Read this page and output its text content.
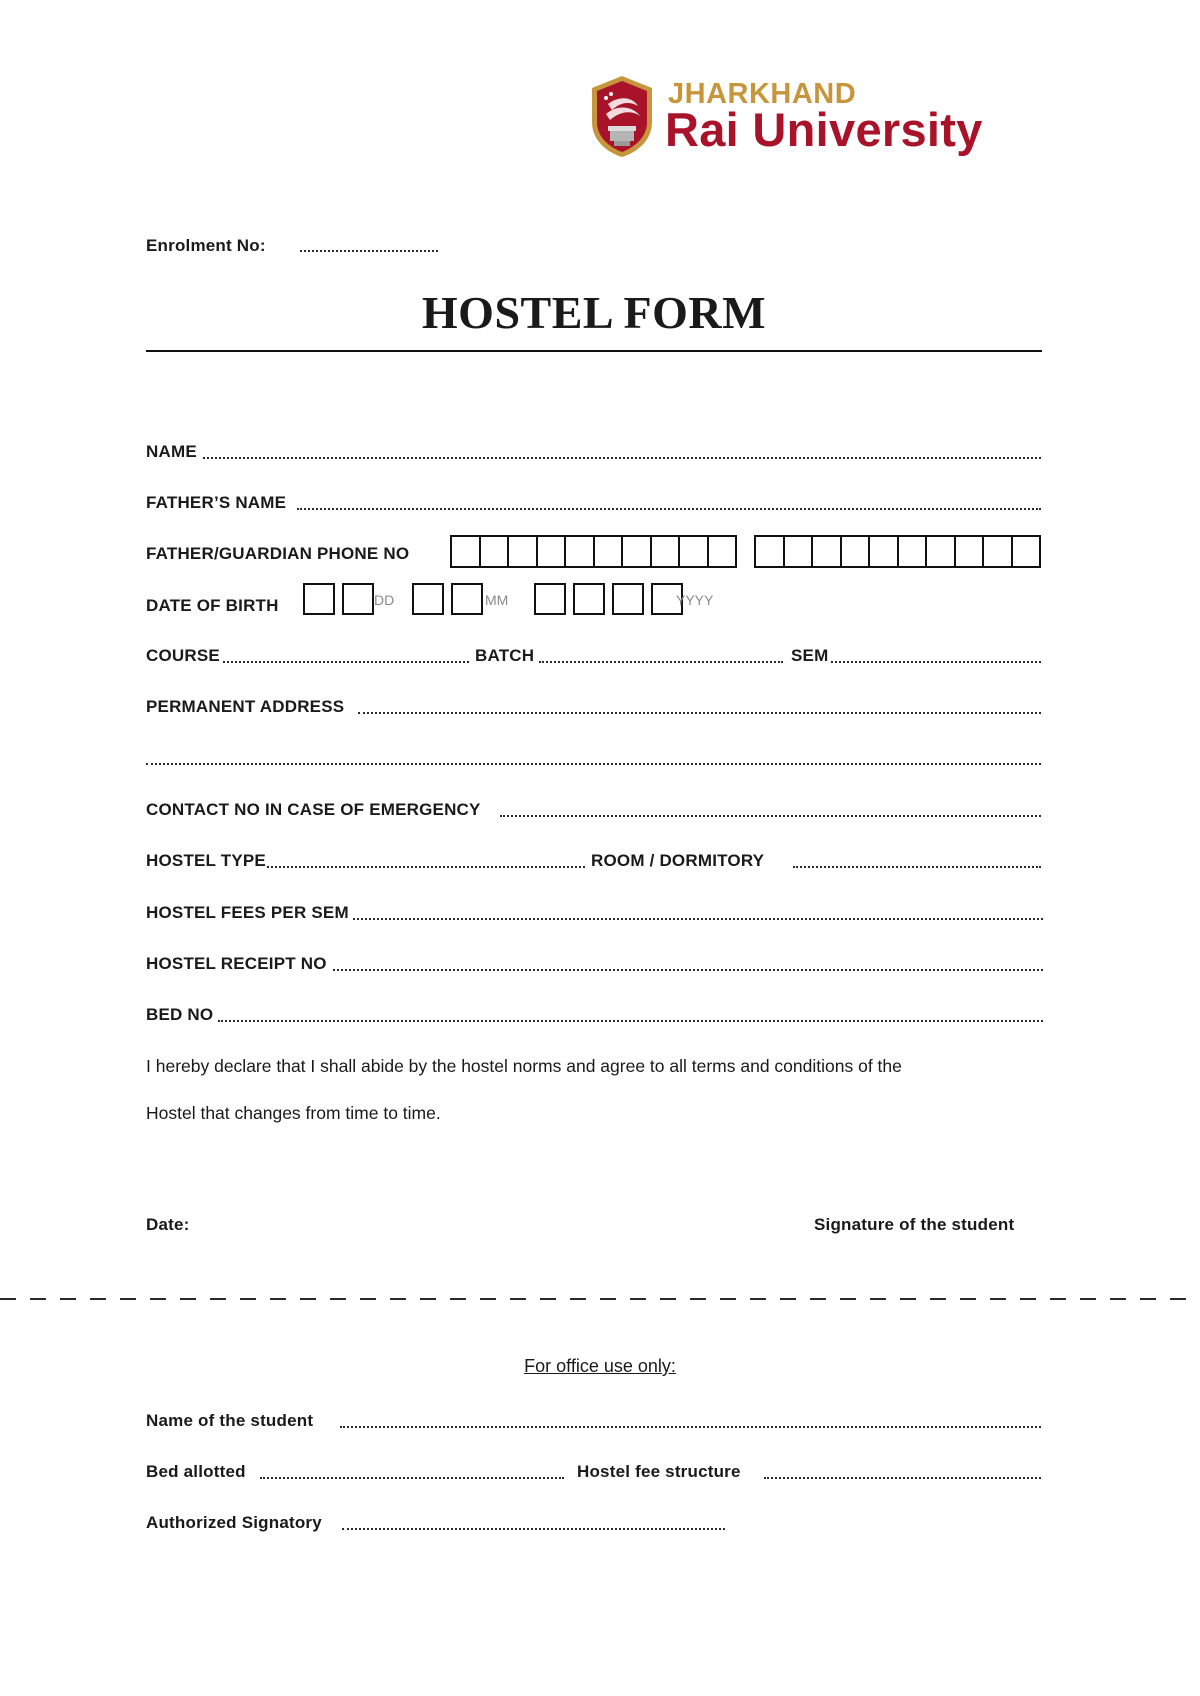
JHARKHAND
Rai University
Enrolment No:
HOSTEL FORM
NAME
FATHER’S NAME
FATHER/GUARDIAN PHONE NO
DATE OF BIRTH	DD	MM	YYYY
COURSE	BATCH	SEM
PERMANENT ADDRESS
CONTACT NO IN CASE OF EMERGENCY
HOSTEL TYPE	ROOM / DORMITORY
HOSTEL FEES PER SEM
HOSTEL RECEIPT NO
BED NO
I hereby declare that I shall abide by the hostel norms and agree to all terms and conditions of the
Hostel that changes from time to time.
Date:	Signature of the student
For office use only:
Name of the student
Bed allotted	Hostel fee structure
Authorized Signatory
